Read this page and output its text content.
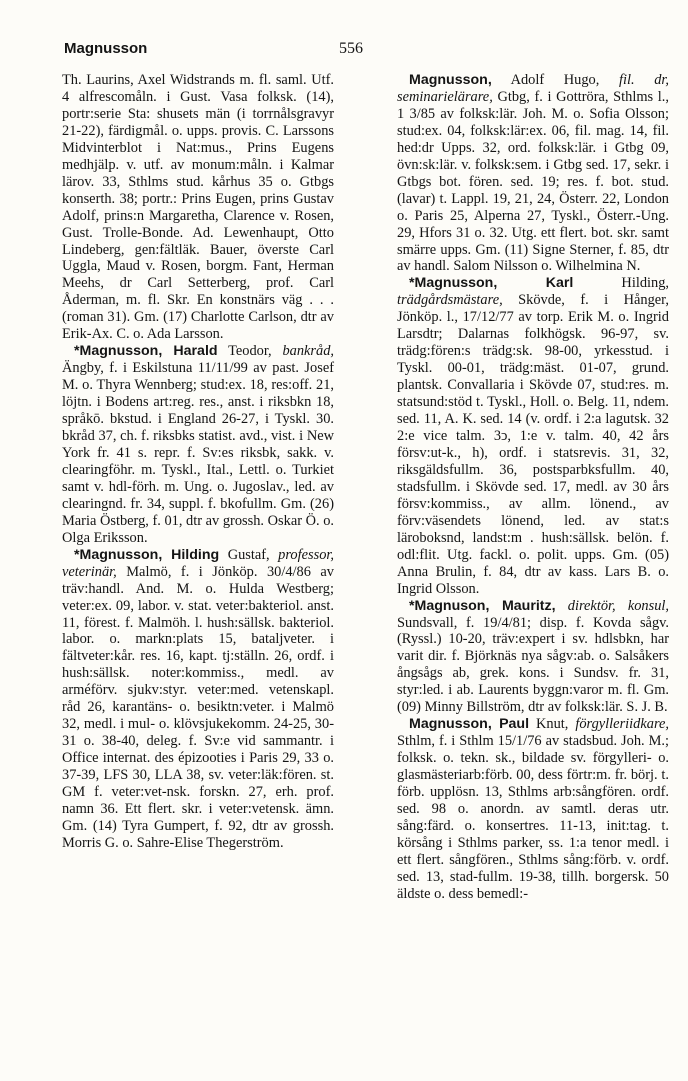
Magnusson	556

Th. Laurins, Axel Widstrands m. fl. saml. Utf. 4 alfrescomåln. i Gust. Vasa folksk. (14), portr:serie Sta: shusets män (i torrnålsgravyr 21-22), färdigmål. o. upps. provis. C. Larssons Midvinterblot i Nat:mus., Prins Eugens medhjälp. v. utf. av monum:måln. i Kalmar lärov. 33, Sthlms stud. kårhus 35 o. Gtbgs konserth. 38; portr.: Prins Eugen, prins Gustav Adolf, prins:n Margaretha, Clarence v. Rosen, Gust. Trolle-Bonde. Ad. Lewenhaupt, Otto Lindeberg, gen:fältläk. Bauer, överste Carl Uggla, Maud v. Rosen, borgm. Fant, Herman Meehs, dr Carl Setterberg, prof. Carl Åderman, m. fl. Skr. En konstnärs väg . . . (roman 31). Gm. (17) Charlotte Carlson, dtr av Erik-Ax. C. o. Ada Larsson.

*Magnusson, Harald Teodor, bankråd, Ängby, f. i Eskilstuna 11/11/99 av past. Josef M. o. Thyra Wennberg; stud:ex. 18, res:off. 21, löjtn. i Bodens art:reg. res., anst. i riksbkn 18, språkō. bkstud. i England 26-27, i Tyskl. 30. bkråd 37, ch. f. riksbks statist. avd., vist. i New York fr. 41 s. repr. f. Sv:es riksbk, sakk. v. clearingföhr. m. Tyskl., Ital., Lettl. o. Turkiet samt v. hdl-förh. m. Ung. o. Jugoslav., led. av clearingnd. fr. 34, suppl. f. bkofullm. Gm. (26) Maria Östberg, f. 01, dtr av grossh. Oskar Ö. o. Olga Eriksson.

*Magnusson, Hilding Gustaf, professor, veterinär, Malmö, f. i Jönköp. 30/4/86 av träv:handl. And. M. o. Hulda Westberg; veter:ex. 09, labor. v. stat. veter:bakteriol. anst. 11, förest. f. Malmöh. l. hush:sällsk. bakteriol. labor. o. markn:plats 15, bataljveter. i fältveter:kår. res. 16, kapt. tj:ställn. 26, ordf. i hush:sällsk. noter:kommiss., medl. av arméförv. sjukv:styr. veter:med. vetenskapl. råd 26, karantäns- o. besiktn:veter. i Malmö 32, medl. i mul- o. klövsjukekomm. 24-25, 30-31 o. 38-40, deleg. f. Sv:e vid sammantr. i Office internat. des épizooties i Paris 29, 33 o. 37-39, LFS 30, LLA 38, sv. veter:läk:fören. st. GM f. veter:vet-nsk. forskn. 27, erh. prof. namn 36. Ett flert. skr. i veter:vetensk. ämn. Gm. (14) Tyra Gumpert, f. 92, dtr av grossh. Morris G. o. Sahre-Elise Thegerström.

Magnusson, Adolf Hugo, fil. dr, seminarielärare, Gtbg, f. i Gottröra, Sthlms l., 1 3/85 av folksk:lär. Joh. M. o. Sofia Olsson; stud:ex. 04, folksk:lär:ex. 06, fil. mag. 14, fil. hed:dr Upps. 32, ord. folksk:lär. i Gtbg 09, övn:sk:lär. v. folksk:sem. i Gtbg sed. 17, sekr. i Gtbgs bot. fören. sed. 19; res. f. bot. stud. (lavar) t. Lappl. 19, 21, 24, Österr. 22, London o. Paris 25, Alperna 27, Tyskl., Österr.-Ung. 29, Hfors 31 o. 32. Utg. ett flert. bot. skr. samt smärre upps. Gm. (11) Signe Sterner, f. 85, dtr av handl. Salom Nilsson o. Wilhelmina N.

*Magnusson, Karl Hilding, trädgårdsmästare, Skövde, f. i Hånger, Jönköp. l., 17/12/77 av torp. Erik M. o. Ingrid Larsdtr; Dalarnas folkhögsk. 96-97, sv. trädg:fören:s trädg:sk. 98-00, yrkesstud. i Tyskl. 00-01, trädg:mäst. 01-07, grund. plantsk. Convallaria i Skövde 07, stud:res. m. statsund:stöd t. Tyskl., Holl. o. Belg. 11, ndem. sed. 11, A. K. sed. 14 (v. ordf. i 2:a lagutsk. 32 2:e vice talm. 3ↄ, 1:e v. talm. 40, 42 års försv:ut-k., h), ordf. i statsrevis. 31, 32, riksgäldsfullm. 36, postsparbksfullm. 40, stadsfullm. i Skövde sed. 17, medl. av 30 års försv:kommiss., av allm. lönend., av förv:väsendets lönend, led. av stat:s läroboksnd, landst:m . hush:sällsk. belön. f. odl:flit. Utg. fackl. o. polit. upps. Gm. (05) Anna Brulin, f. 84, dtr av kass. Lars B. o. Ingrid Olsson.

*Magnuson, Mauritz, direktör, konsul, Sundsvall, f. 19/4/81; disp. f. Kovda sågv. (Ryssl.) 10-20, träv:expert i sv. hdlsbkn, har varit dir. f. Björknäs nya sågv:ab. o. Salsåkers ångsågs ab, grek. kons. i Sundsv. fr. 31, styr:led. i ab. Laurents byggn:varor m. fl. Gm. (09) Minny Billström, dtr av folksk:lär. S. J. B.

Magnusson, Paul Knut, förgylleriidkare, Sthlm, f. i Sthlm 15/1/76 av stadsbud. Joh. M.; folksk. o. tekn. sk., bildade sv. förgylleri- o. glasmästeriarb:förb. 00, dess förtr:m. fr. börj. t. förb. upplösn. 13, Sthlms arb:sångfören. ordf. sed. 98 o. anordn. av samtl. deras utr. sång:färd. o. konsertres. 11-13, init:tag. t. körsång i Sthlms parker, ss. 1:a tenor medl. i ett flert. sångfören., Sthlms sång:förb. v. ordf. sed. 13, stad-fullm. 19-38, tillh. borgersk. 50 äldste o. dess bemedl:-
